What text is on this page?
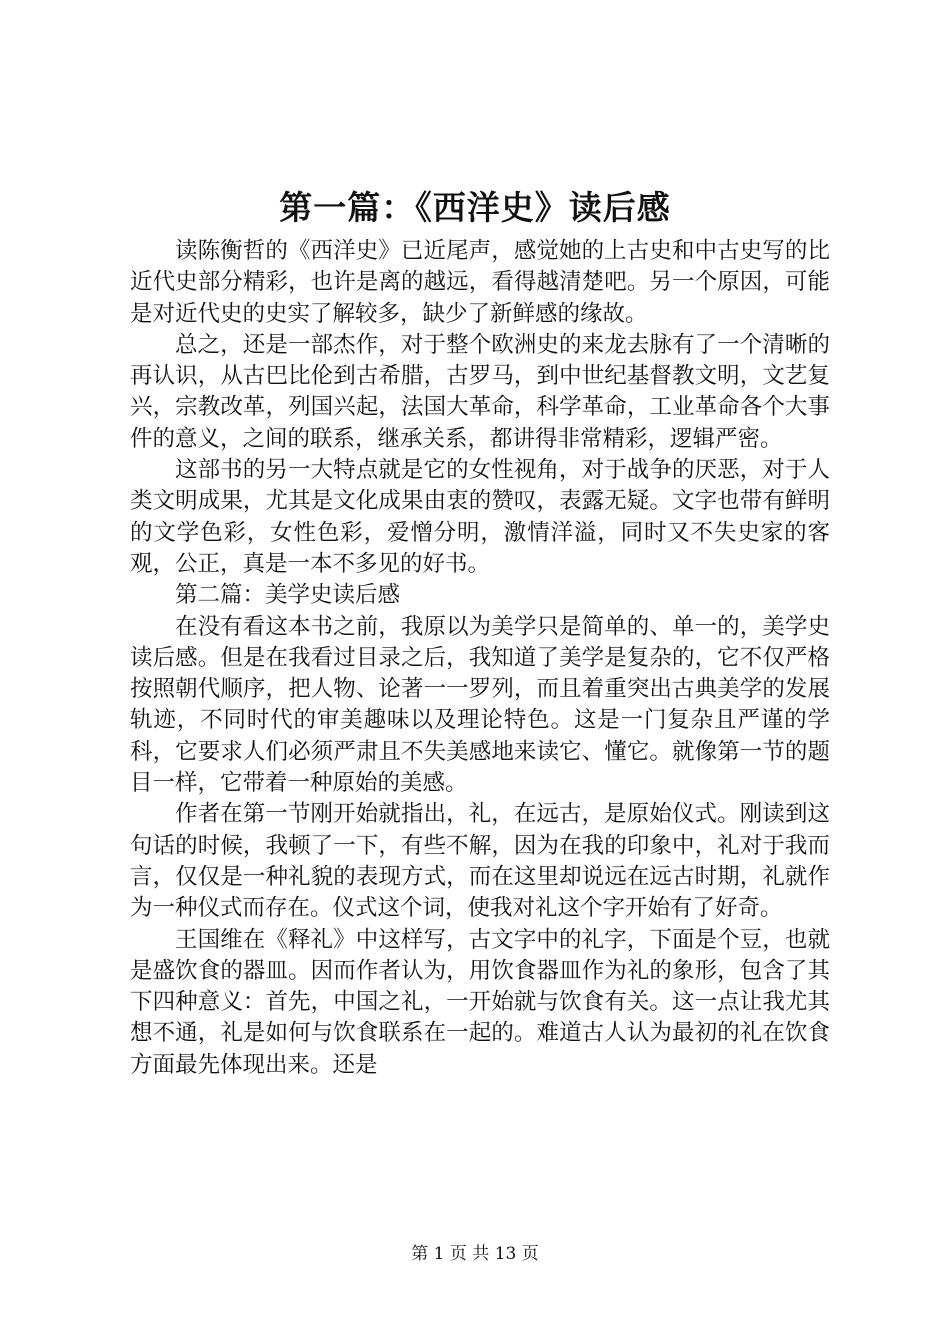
第一篇：《西洋史》读后感

读陈衡哲的《西洋史》已近尾声，感觉她的上古史和中古史写的比近代史部分精彩，也许是离的越远，看得越清楚吧。另一个原因，可能是对近代史的史实了解较多，缺少了新鲜感的缘故。

总之，还是一部杰作，对于整个欧洲史的来龙去脉有了一个清晰的再认识，从古巴比伦到古希腊，古罗马，到中世纪基督教文明，文艺复兴，宗教改革，列国兴起，法国大革命，科学革命，工业革命各个大事件的意义，之间的联系，继承关系，都讲得非常精彩，逻辑严密。

这部书的另一大特点就是它的女性视角，对于战争的厌恶，对于人类文明成果，尤其是文化成果由衷的赞叹，表露无疑。文字也带有鲜明的文学色彩，女性色彩，爱憎分明，激情洋溢，同时又不失史家的客观，公正，真是一本不多见的好书。

第二篇：美学史读后感

在没有看这本书之前，我原以为美学只是简单的、单一的，美学史读后感。但是在我看过目录之后，我知道了美学是复杂的，它不仅严格按照朝代顺序，把人物、论著一一罗列，而且着重突出古典美学的发展轨迹，不同时代的审美趣味以及理论特色。这是一门复杂且严谨的学科，它要求人们必须严肃且不失美感地来读它、懂它。就像第一节的题目一样，它带着一种原始的美感。

作者在第一节刚开始就指出，礼，在远古，是原始仪式。刚读到这句话的时候，我顿了一下，有些不解，因为在我的印象中，礼对于我而言，仅仅是一种礼貌的表现方式，而在这里却说远在远古时期，礼就作为一种仪式而存在。仪式这个词，使我对礼这个字开始有了好奇。

王国维在《释礼》中这样写，古文字中的礼字，下面是个豆，也就是盛饮食的器皿。因而作者认为，用饮食器皿作为礼的象形，包含了其下四种意义：首先，中国之礼，一开始就与饮食有关。这一点让我尤其想不通，礼是如何与饮食联系在一起的。难道古人认为最初的礼在饮食方面最先体现出来。还是

第 1 页 共 13 页
